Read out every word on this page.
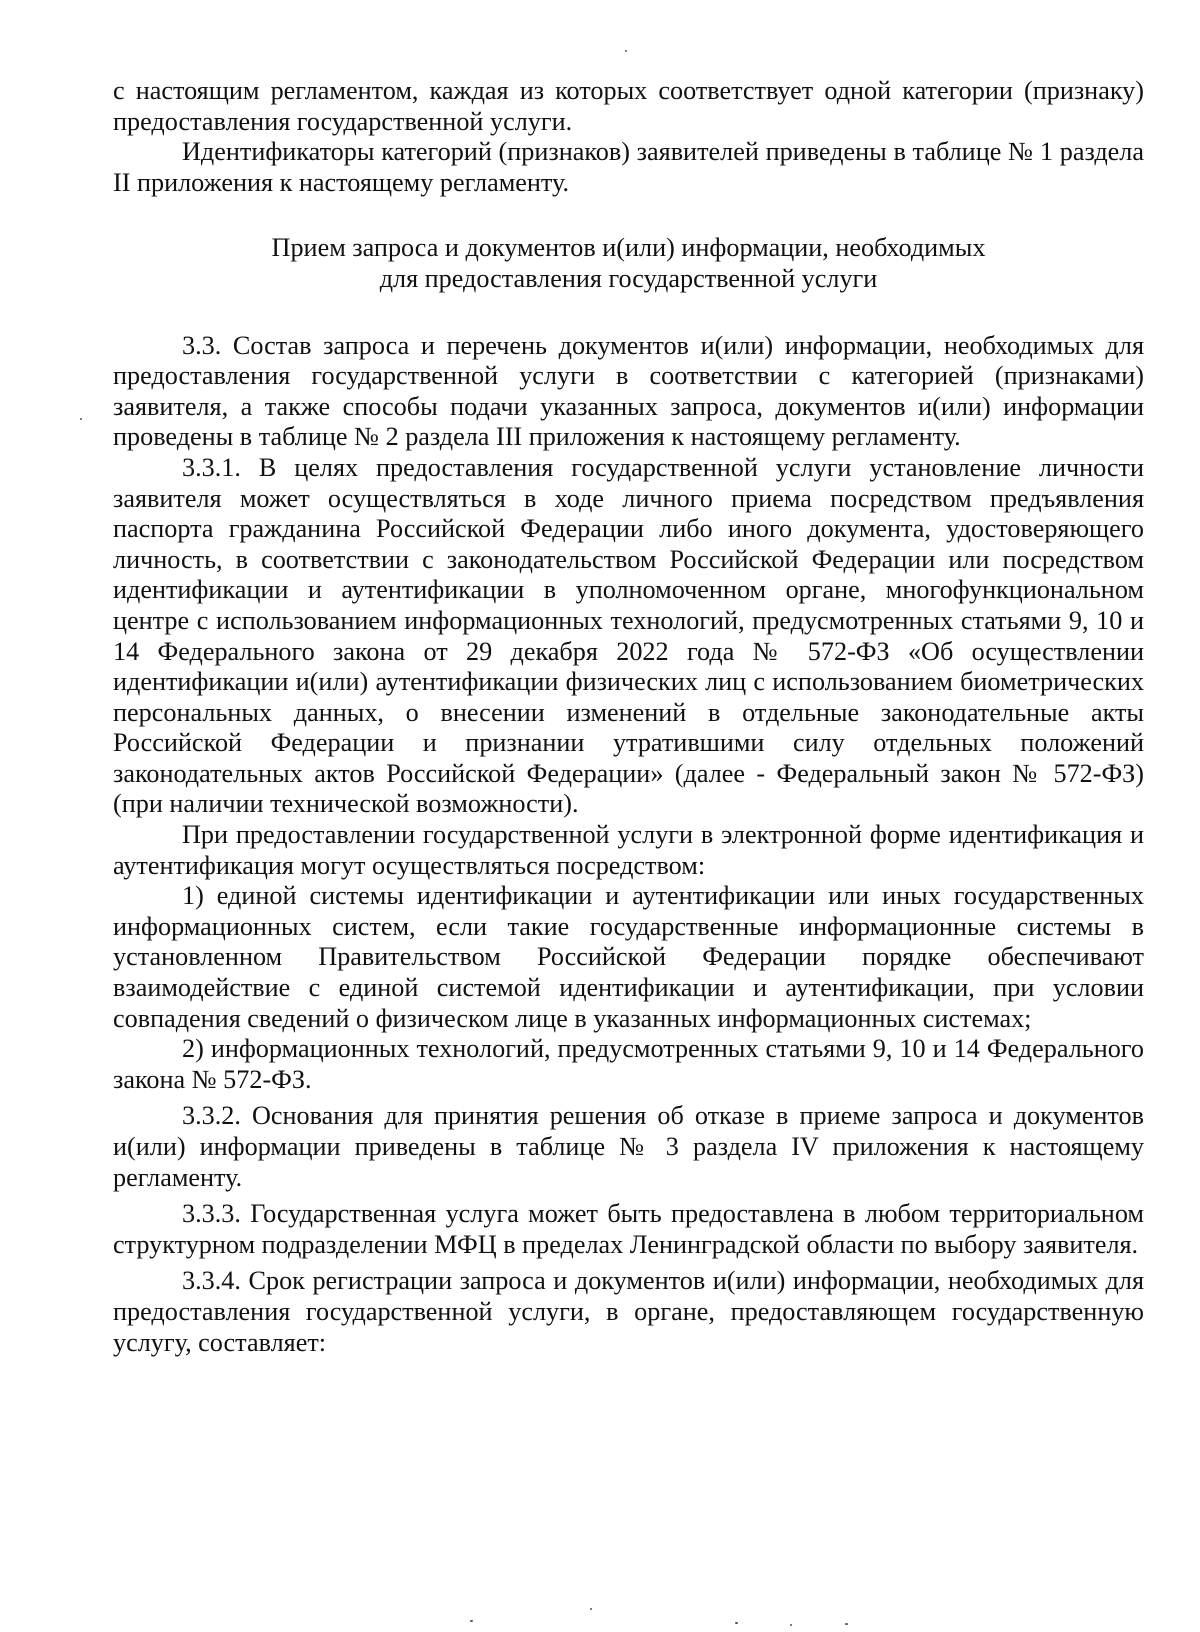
с настоящим регламентом, каждая из которых соответствует одной категории (признаку) предоставления государственной услуги.

Идентификаторы категорий (признаков) заявителей приведены в таблице № 1 раздела II приложения к настоящему регламенту.

Прием запроса и документов и(или) информации, необходимых
для предоставления государственной услуги

3.3. Состав запроса и перечень документов и(или) информации, необходимых для предоставления государственной услуги в соответствии с категорией (признаками) заявителя, а также способы подачи указанных запроса, документов и(или) информации проведены в таблице № 2 раздела III приложения к настоящему регламенту.

3.3.1. В целях предоставления государственной услуги установление личности заявителя может осуществляться в ходе личного приема посредством предъявления паспорта гражданина Российской Федерации либо иного документа, удостоверяющего личность, в соответствии с законодательством Российской Федерации или посредством идентификации и аутентификации в уполномоченном органе, многофункциональном центре с использованием информационных технологий, предусмотренных статьями 9, 10 и 14 Федерального закона от 29 декабря 2022 года № 572-ФЗ «Об осуществлении идентификации и(или) аутентификации физических лиц с использованием биометрических персональных данных, о внесении изменений в отдельные законодательные акты Российской Федерации и признании утратившими силу отдельных положений законодательных актов Российской Федерации» (далее - Федеральный закон № 572-ФЗ) (при наличии технической возможности).

При предоставлении государственной услуги в электронной форме идентификация и аутентификация могут осуществляться посредством:

1) единой системы идентификации и аутентификации или иных государственных информационных систем, если такие государственные информационные системы в установленном Правительством Российской Федерации порядке обеспечивают взаимодействие с единой системой идентификации и аутентификации, при условии совпадения сведений о физическом лице в указанных информационных системах;

2) информационных технологий, предусмотренных статьями 9, 10 и 14 Федерального закона № 572-ФЗ.

3.3.2. Основания для принятия решения об отказе в приеме запроса и документов и(или) информации приведены в таблице № 3 раздела IV приложения к настоящему регламенту.

3.3.3. Государственная услуга может быть предоставлена в любом территориальном структурном подразделении МФЦ в пределах Ленинградской области по выбору заявителя.

3.3.4. Срок регистрации запроса и документов и(или) информации, необходимых для предоставления государственной услуги, в органе, предоставляющем государственную услугу, составляет:
